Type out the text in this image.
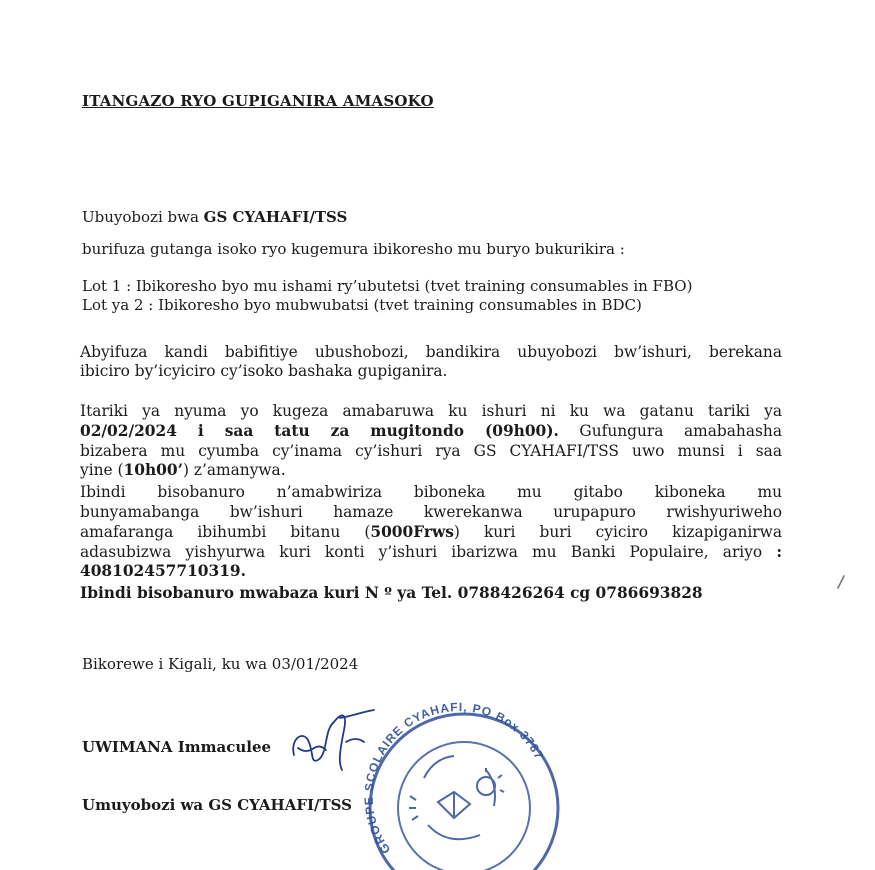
ITANGAZO RYO GUPIGANIRA AMASOKO
Ubuyobozi bwa GS CYAHAFI/TSS
burifuza gutanga isoko ryo kugemura ibikoresho mu buryo bukurikira :
Lot 1 : Ibikoresho byo mu ishami ry’ubutetsi (tvet training consumables in FBO)
Lot ya 2 : Ibikoresho byo mubwubatsi (tvet training consumables in BDC)
Abyifuza kandi babifitiye ubushobozi, bandikira ubuyobozi bw’ishuri, berekana
ibiciro by’icyiciro cy’isoko bashaka gupiganira.
Itariki ya nyuma yo kugeza amabaruwa ku ishuri ni ku wa gatanu tariki ya
02/02/2024 i saa tatu za mugitondo (09h00). Gufungura amabahasha
bizabera mu cyumba cy’inama cy’ishuri rya GS CYAHAFI/TSS uwo munsi i saa
yine (10h00’) z’amanywa.
Ibindi bisobanuro n’amabwiriza biboneka mu gitabo kiboneka mu
bunyamabanga bw’ishuri hamaze kwerekanwa urupapuro rwishyuriweho
amafaranga ibihumbi bitanu (5000Frws) kuri buri cyiciro kizapiganirwa
adasubizwa yishyurwa kuri konti y’ishuri ibarizwa mu Banki Populaire, ariyo :
408102457710319.
Ibindi bisobanuro mwabaza kuri N º ya Tel. 0788426264 cg 0786693828
Bikorewe i Kigali, ku wa 03/01/2024
UWIMANA Immaculee
Umuyobozi wa GS CYAHAFI/TSS
GROUPE SCOLAIRE CYAHAFI, PO Box 3787
